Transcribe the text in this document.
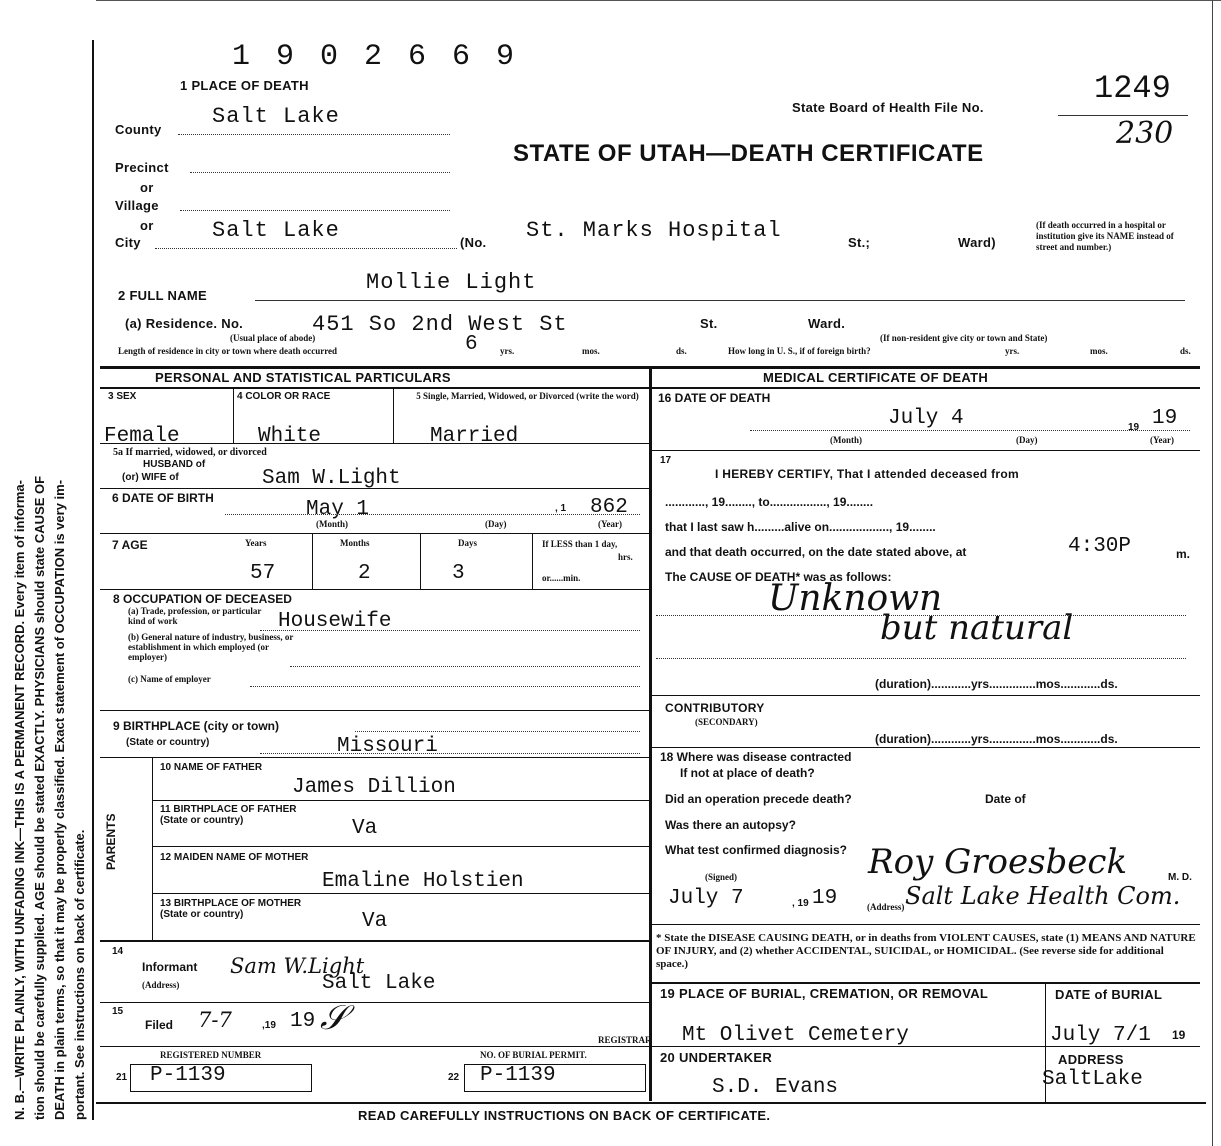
N. B.—WRITE PLAINLY, WITH UNFADING INK—THIS IS A PERMANENT RECORD. Every item of informa- tion should be carefully supplied. AGE should be stated EXACTLY. PHYSICIANS should state CAUSE OF DEATH in plain terms, so that it may be properly classified. Exact statement of OCCUPATION is very im- portant. See instructions on back of certificate.
1 9 0 2 6 6 9
1 PLACE OF DEATH	1249
State Board of Health File No.
230
STATE OF UTAH—DEATH CERTIFICATE
County
Salt Lake
Precinct
or
Village
or
City	Salt Lake	(No. St. Marks Hospital	St.;	Ward)
(If death occurred in a hospital or institution give its NAME instead of street and number.)
2 FULL NAME
Mollie Light
(a) Residence. No.	451 So 2nd West St	St.	Ward.
(Usual place of abode)	(If non-resident give city or town and State)
Length of residence in city or town where death occurred	6 yrs.	mos.	ds.	How long in U. S., if of foreign birth?	yrs.	mos.	ds.
PERSONAL AND STATISTICAL PARTICULARS
3 SEX	4 COLOR OR RACE	5 Single, Married, Widowed, or Divorced (write the word)
Female	White	Married
5a If married, widowed, or divorced
HUSBAND of
(or) WIFE of	Sam W.Light
6 DATE OF BIRTH	May 1	, 1 862
(Month)	(Day)	(Year)
7 AGE	Years	Months	Days	If LESS than 1 day,
hrs.
or......min.
57	2	3
8 OCCUPATION OF DECEASED
(a) Trade, profession, or particular kind of work	Housewife
(b) General nature of industry, business, or establishment in which employed (or employer)
(c) Name of employer
9 BIRTHPLACE (city or town)
(State or country)	Missouri
PARENTS
10 NAME OF FATHER
James Dillion
11 BIRTHPLACE OF FATHER (State or country)	Va
12 MAIDEN NAME OF MOTHER
Emaline Holstien
13 BIRTHPLACE OF MOTHER (State or country)	Va
14
Informant Sam W.Light
(Address)	Salt Lake
15
Filed 7-7	,19 19 𝒮
REGISTRAR
REGISTERED NUMBER	NO. OF BURIAL PERMIT.
21 P-1139	22 P-1139
MEDICAL CERTIFICATE OF DEATH
16 DATE OF DEATH
July 4	19 19
(Month)	(Day)	(Year)
17
I HEREBY CERTIFY, That I attended deceased from
............, 19........, to................., 19........
that I last saw h.........alive on.................., 19........
and that death occurred, on the date stated above, at	4:30P	m.
The CAUSE OF DEATH* was as follows:
Unknown
but natural
(duration)............yrs..............mos............ds.
CONTRIBUTORY
(SECONDARY)
(duration)............yrs..............mos............ds.
18 Where was disease contracted
If not at place of death?
Did an operation precede death?	Date of
Was there an autopsy?
What test confirmed diagnosis?
(Signed)	Roy Groesbeck	M. D.
July 7	, 19 19	(Address) Salt Lake Health Com.
* State the DISEASE CAUSING DEATH, or in deaths from VIOLENT CAUSES, state (1) MEANS AND NATURE OF INJURY, and (2) whether ACCIDENTAL, SUICIDAL, or HOMICIDAL. (See reverse side for additional space.)
19 PLACE OF BURIAL, CREMATION, OR REMOVAL	DATE of BURIAL
Mt Olivet Cemetery	July 7/1 19
20 UNDERTAKER	ADDRESS
S.D. Evans	SaltLake
READ CAREFULLY INSTRUCTIONS ON BACK OF CERTIFICATE.
